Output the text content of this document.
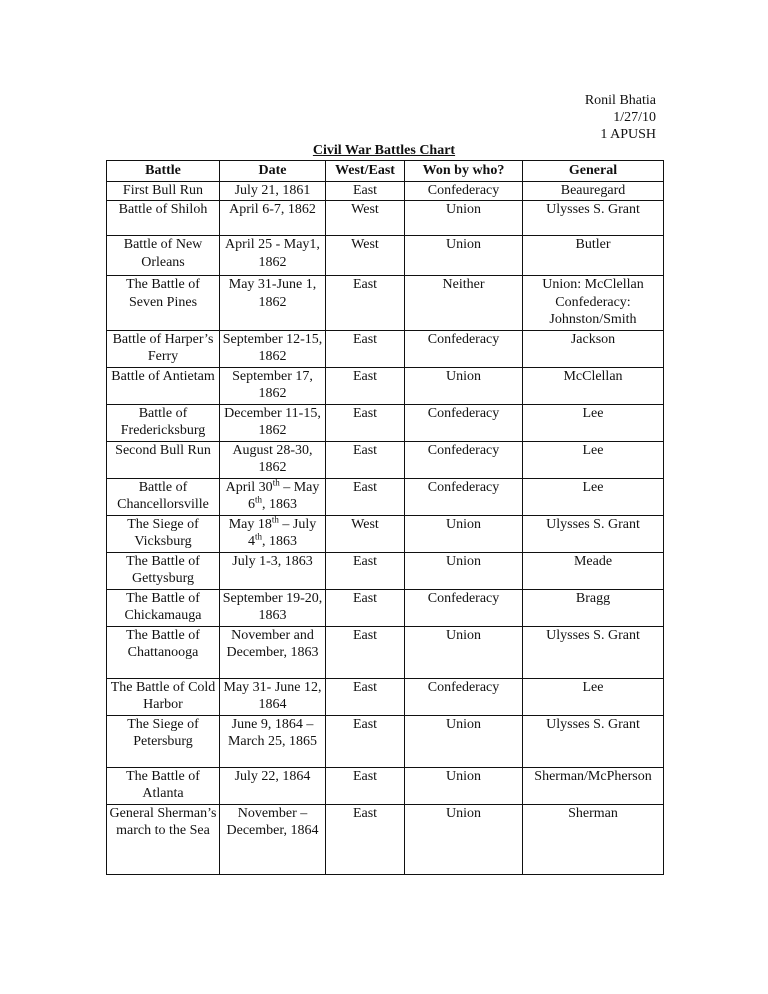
Ronil Bhatia
1/27/10
1 APUSH
Civil War Battles Chart
Battle	Date	West/East	Won by who?	General
First Bull Run	July 21, 1861	East	Confederacy	Beauregard
Battle of Shiloh	April 6-7, 1862	West	Union	Ulysses S. Grant
Battle of New Orleans	April 25 - May1, 1862	West	Union	Butler
The Battle of Seven Pines	May 31-June 1, 1862	East	Neither	Union: McClellan Confederacy: Johnston/Smith
Battle of Harper’s Ferry	September 12-15, 1862	East	Confederacy	Jackson
Battle of Antietam	September 17, 1862	East	Union	McClellan
Battle of Fredericksburg	December 11-15, 1862	East	Confederacy	Lee
Second Bull Run	August 28-30, 1862	East	Confederacy	Lee
Battle of Chancellorsville	April 30th – May 6th, 1863	East	Confederacy	Lee
The Siege of Vicksburg	May 18th – July 4th, 1863	West	Union	Ulysses S. Grant
The Battle of Gettysburg	July 1-3, 1863	East	Union	Meade
The Battle of Chickamauga	September 19-20, 1863	East	Confederacy	Bragg
The Battle of Chattanooga	November and December, 1863	East	Union	Ulysses S. Grant
The Battle of Cold Harbor	May 31- June 12, 1864	East	Confederacy	Lee
The Siege of Petersburg	June 9, 1864 – March 25, 1865	East	Union	Ulysses S. Grant
The Battle of Atlanta	July 22, 1864	East	Union	Sherman/McPherson
General Sherman’s march to the Sea	November – December, 1864	East	Union	Sherman
